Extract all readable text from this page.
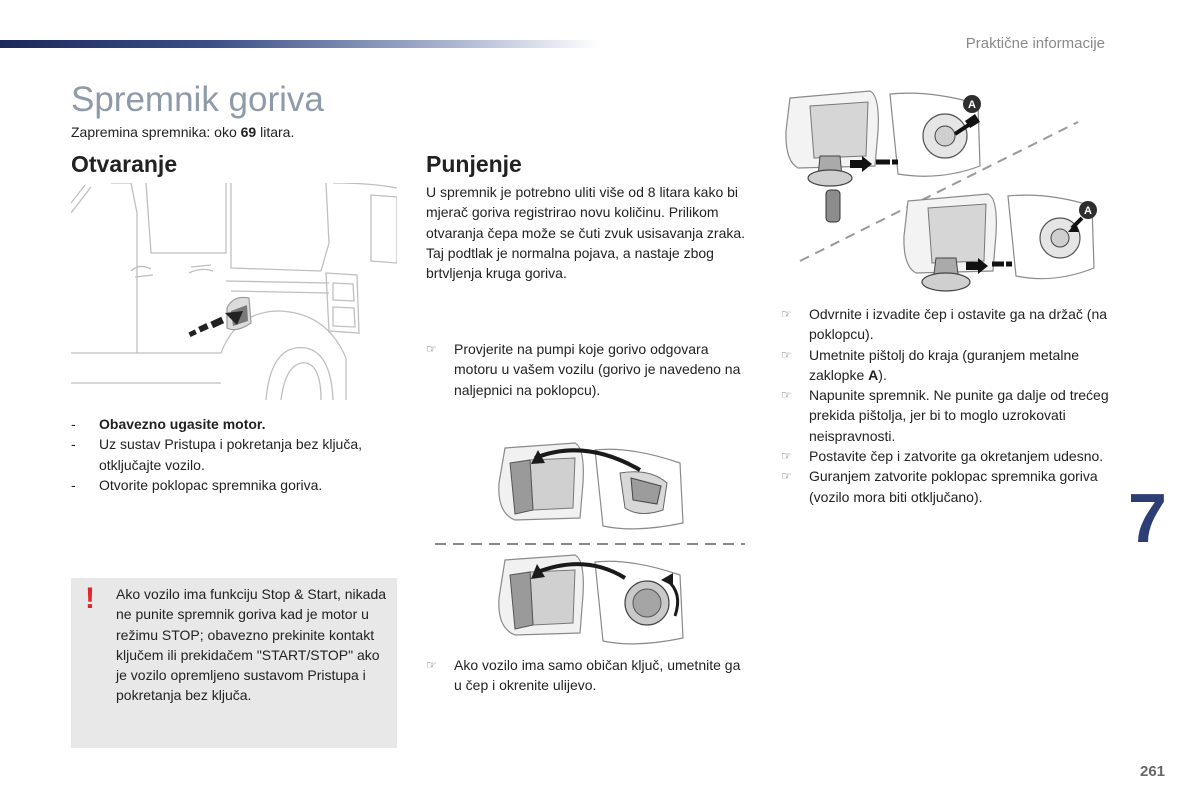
Praktične informacije
Spremnik goriva
Zapremina spremnika: oko 69 litara.
Otvaranje
- Obavezno ugasite motor.
- Uz sustav Pristupa i pokretanja bez ključa, otključajte vozilo.
- Otvorite poklopac spremnika goriva.
! Ako vozilo ima funkciju Stop & Start, nikada ne punite spremnik goriva kad je motor u režimu STOP; obavezno prekinite kontakt ključem ili prekidačem "START/STOP" ako je vozilo opremljeno sustavom Pristupa i pokretanja bez ključa.
Punjenje
U spremnik je potrebno uliti više od 8 litara kako bi mjerač goriva registrirao novu količinu. Prilikom otvaranja čepa može se čuti zvuk usisavanja zraka. Taj podtlak je normalna pojava, a nastaje zbog brtvljenja kruga goriva.
☞ Provjerite na pumpi koje gorivo odgovara motoru u vašem vozilu (gorivo je navedeno na naljepnici na poklopcu).
☞ Ako vozilo ima samo običan ključ, umetnite ga u čep i okrenite ulijevo.
A
A
☞ Odvrnite i izvadite čep i ostavite ga na držač (na poklopcu).
☞ Umetnite pištolj do kraja (guranjem metalne zaklopke A).
☞ Napunite spremnik. Ne punite ga dalje od trećeg prekida pištolja, jer bi to moglo uzrokovati neispravnosti.
☞ Postavite čep i zatvorite ga okretanjem udesno.
☞ Guranjem zatvorite poklopac spremnika goriva (vozilo mora biti otključano).	7
261
